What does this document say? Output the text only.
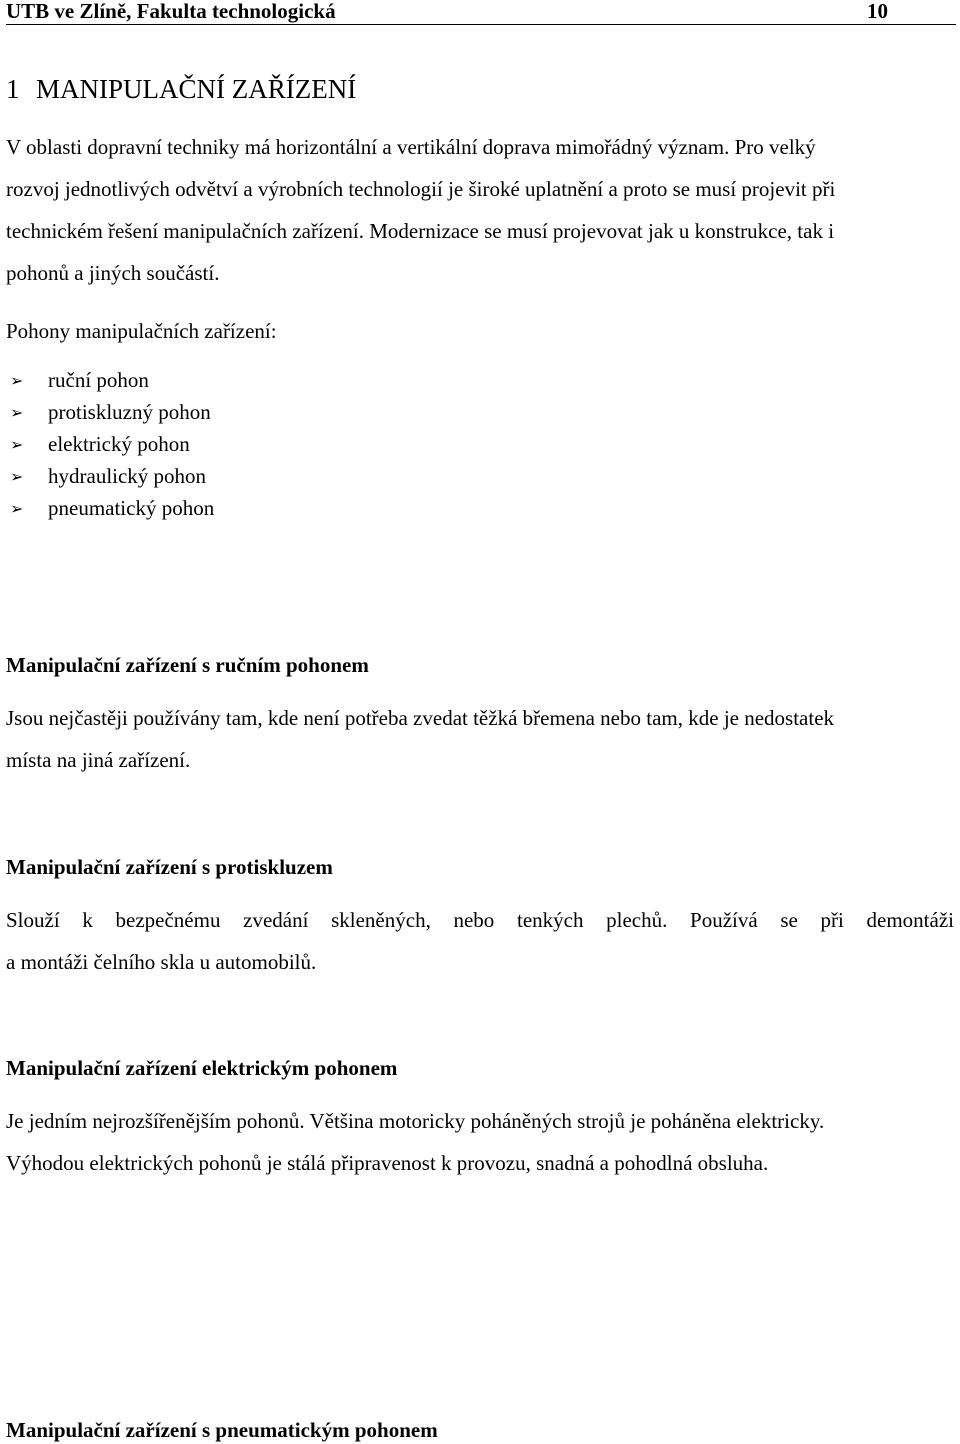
UTB ve Zlíně, Fakulta technologická	10
1 MANIPULAČNÍ ZAŘÍZENÍ

V oblasti dopravní techniky má horizontální a vertikální doprava mimořádný význam. Pro velký
rozvoj jednotlivých odvětví a výrobních technologií je široké uplatnění a proto se musí projevit při
technickém řešení manipulačních zařízení. Modernizace se musí projevovat jak u konstrukce, tak i
pohonů a jiných součástí.

Pohony manipulačních zařízení:

➢ ruční pohon
➢ protiskluzný pohon
➢ elektrický pohon
➢ hydraulický pohon
➢ pneumatický pohon
Manipulační zařízení s ručním pohonem

Jsou nejčastěji používány tam, kde není potřeba zvedat těžká břemena nebo tam, kde je nedostatek
místa na jiná zařízení.

Manipulační zařízení s protiskluzem

Slouží k bezpečnému zvedání skleněných, nebo tenkých plechů. Používá se při demontáži
a montáži čelního skla u automobilů.

Manipulační zařízení elektrickým pohonem

Je jedním nejrozšířenějším pohonů. Většina motoricky poháněných strojů je poháněna elektricky.
Výhodou elektrických pohonů je stálá připravenost k provozu, snadná a pohodlná obsluha.

Manipulační zařízení s pneumatickým pohonem
